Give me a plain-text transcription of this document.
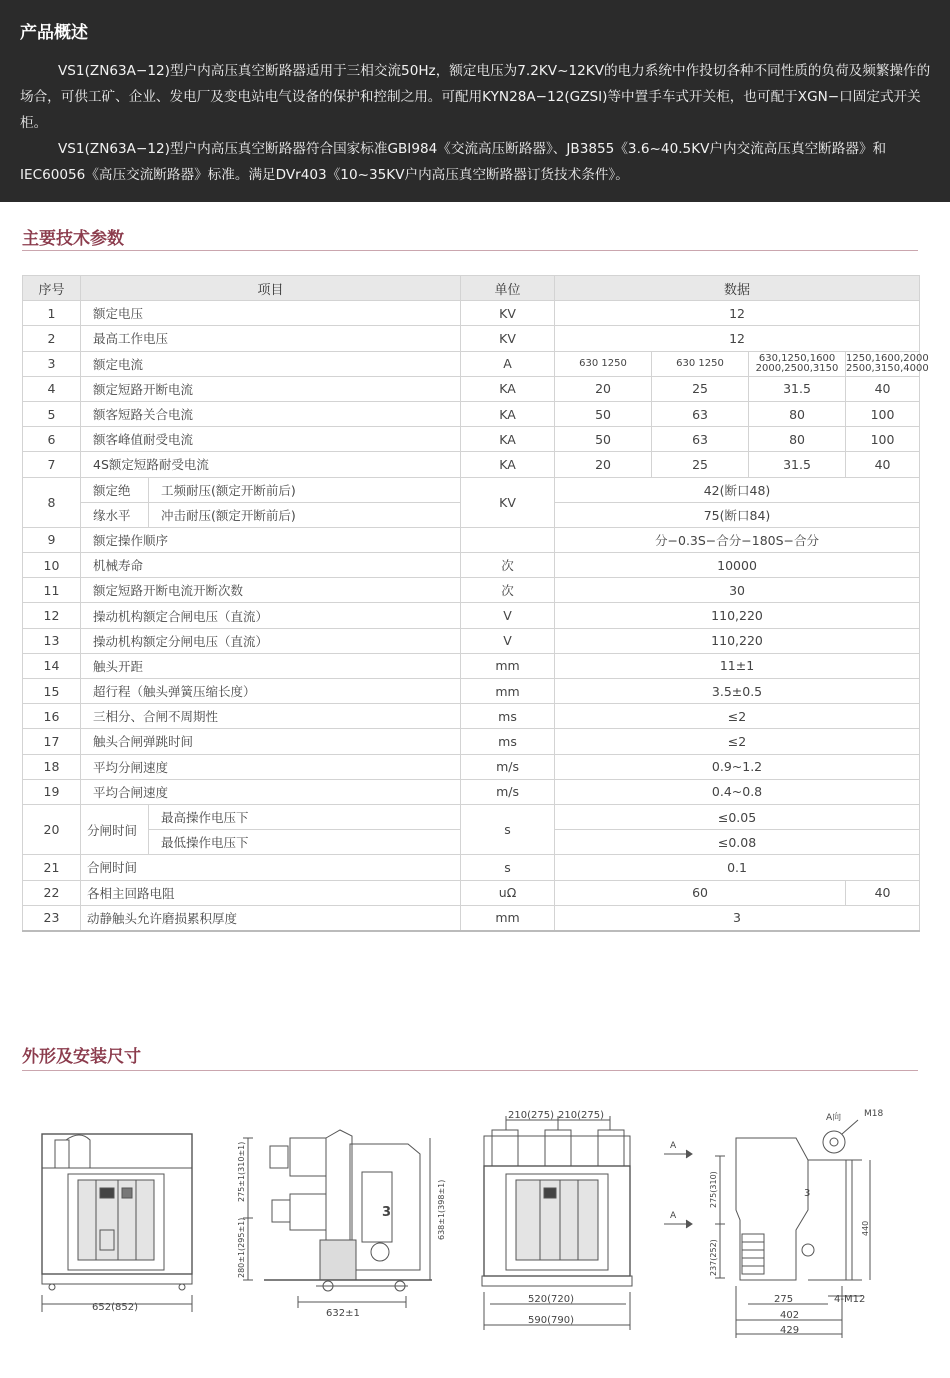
产品概述

VS1(ZN63A−12)型户内高压真空断路器适用于三相交流50Hz，额定电压为7.2KV~12KV的电力系统中作投切各种不同性质的负荷及频繁操作的场合，可供工矿、企业、发电厂及变电站电气设备的保护和控制之用。可配用KYN28A−12(GZSI)等中置手车式开关柜，也可配于XGN−口固定式开关柜。

VS1(ZN63A−12)型户内高压真空断路器符合国家标准GBI984《交流高压断路器》、JB3855《3.6~40.5KV户内交流高压真空断路器》和IEC60056《高压交流断路器》标准。满足DVr403《10~35KV户内高压真空断路器订货技术条件》。

主要技术参数
序号	项目		单位	数据			
1	额定电压		KV	12			
2	最高工作电压		KV	12			
3	额定电流		A	630 1250	630 1250	630,1250,1600 2000,2500,3150	1250,1600,2000 2500,3150,4000
4	额定短路开断电流		KA	20	25	31.5	40
5	额客短路关合电流		KA	50	63	80	100
6	额客峰值耐受电流		KA	50	63	80	100
7	4S额定短路耐受电流		KA	20	25	31.5	40
8	额定绝	工频耐压(额定开断前后)	KV	42(断口48)			
	缘水平	冲击耐压(额定开断前后)		75(断口84)			
9	额定操作顺序			分−0.3S−合分−180S−合分			
10	机械寿命		次	10000			
11	额定短路开断电流开断次数		次	30			
12	操动机构额定合闸电压（直流）		V	110,220			
13	操动机构额定分闸电压（直流）		V	110,220			
14	触头开距		mm	11±1			
15	超行程（触头弹簧压缩长度）		mm	3.5±0.5			
16	三相分、合闸不周期性		ms	≤2			
17	触头合闸弹跳时间		ms	≤2			
18	平均分闸速度		m/s	0.9~1.2			
19	平均合闸速度		m/s	0.4~0.8			
20	分闸时间	最高操作电压下	s	≤0.05			
		最低操作电压下		≤0.08			
21	合闸时间		s	0.1			
22	各相主回路电阻		uΩ	60			40
23	动静触头允许磨损累积厚度		mm	3			
外形及安装尺寸
652(852)
275±1(310±1)
280±1(295±1)
638±1(398±1)
632±1
210(275) 210(275)
520(720)
590(790)
3
A
A
A向	M18
275(310)
237(252)
440
275
402
429
4-M12
3
